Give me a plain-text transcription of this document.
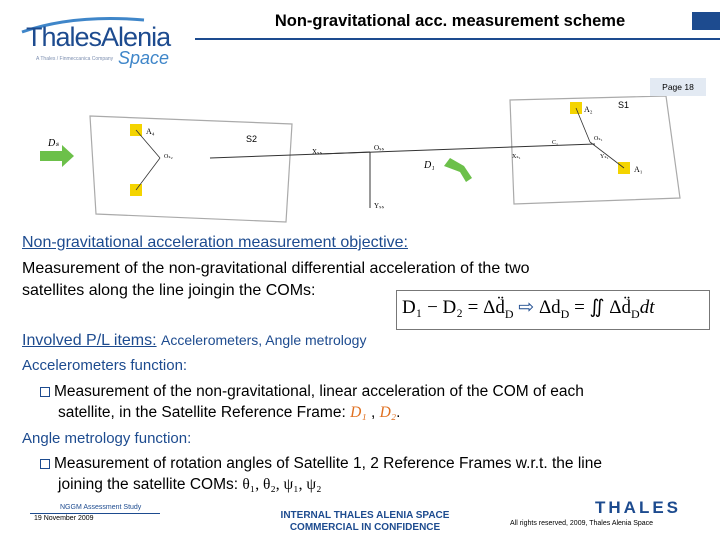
ThalesAlenia
A Thales / Finmeccanica Company Space
Non-gravitational acc. measurement scheme
Page 18
Dₛ	S2
S1
Xₛₛ	Oₛₛ
Yₛₛ
D₁
A₄
A₂
A₁
Oₛ₂
Oₛ₁
Xₛ₁	Yₛ₁
C₁
Non-gravitational acceleration measurement objective:
Measurement of the non-gravitational differential acceleration of the two
satellites along the line joingin the COMs:
$D_1 - D_2 = \Delta d̈_D$ ⇨ $\Delta d_D$ = ∬ $\Delta d̈_Ddt$
Involved P/L items: Accelerometers, Angle metrology
Accelerometers function:
Measurement of the non-gravitational, linear acceleration of the COM of each
satellite, in the Satellite Reference Frame: D₁ , D₂.
Angle metrology function:
Measurement of rotation angles of Satellite 1, 2 Reference Frames w.r.t. the line
joining the satellite COMs: θ₁, θ₂, ψ₁, ψ₂
NGGM Assessment Study
19 November 2009	INTERNAL THALES ALENIA SPACE
COMMERCIAL IN CONFIDENCE
THALES
All rights reserved, 2009, Thales Alenia Space
